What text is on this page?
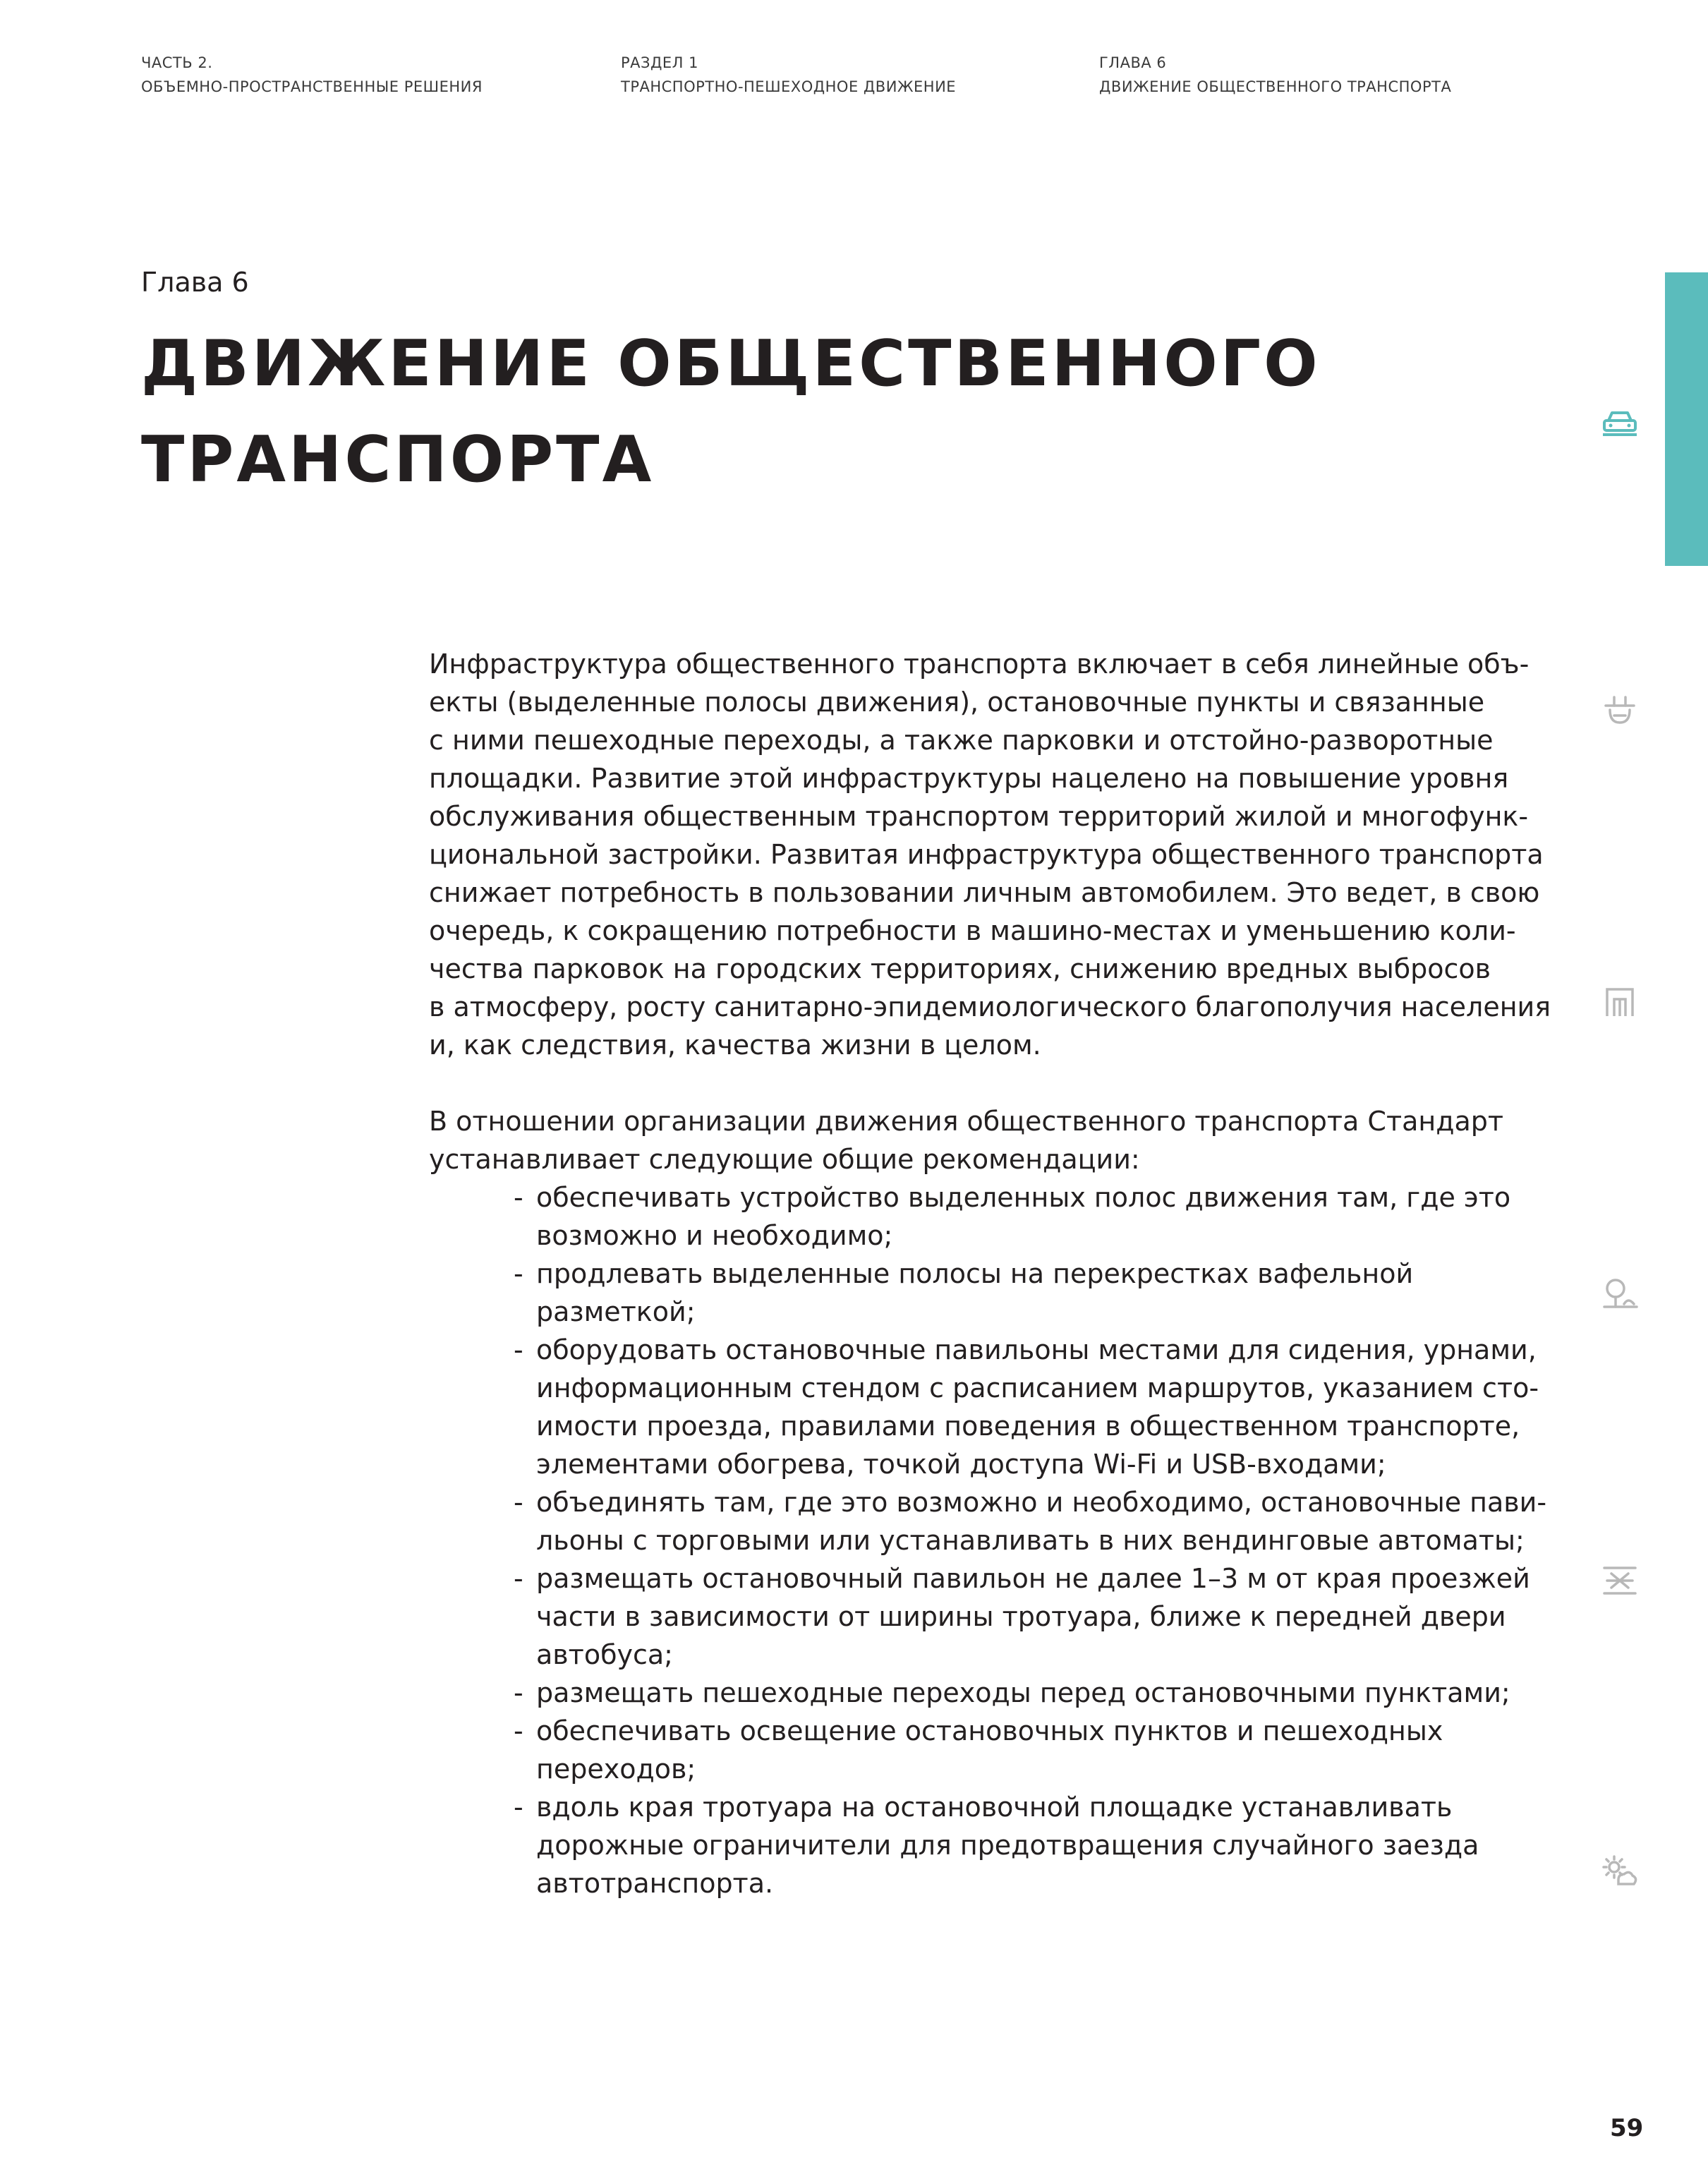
ЧАСТЬ 2.
ОБЪЕМНО-ПРОСТРАНСТВЕННЫЕ РЕШЕНИЯ
РАЗДЕЛ 1
ТРАНСПОРТНО-ПЕШЕХОДНОЕ ДВИЖЕНИЕ
ГЛАВА 6
ДВИЖЕНИЕ ОБЩЕСТВЕННОГО ТРАНСПОРТА
Глава 6
ДВИЖЕНИЕ ОБЩЕСТВЕННОГО
ТРАНСПОРТА

Инфраструктура общественного транспорта включает в себя линейные объ-
екты (выделенные полосы движения), остановочные пункты и связанные
с ними пешеходные переходы, а также парковки и отстойно-разворотные
площадки. Развитие этой инфраструктуры нацелено на повышение уровня
обслуживания общественным транспортом территорий жилой и многофунк-
циональной застройки. Развитая инфраструктура общественного транспорта
снижает потребность в пользовании личным автомобилем. Это ведет, в свою
очередь, к сокращению потребности в машино-местах и уменьшению коли-
чества парковок на городских территориях, снижению вредных выбросов
в атмосферу, росту санитарно-эпидемиологического благополучия населения
и, как следствия, качества жизни в целом.

В отношении организации движения общественного транспорта Стандарт
устанавливает следующие общие рекомендации:

- обеспечивать устройство выделенных полос движения там, где это
возможно и необходимо;
- продлевать выделенные полосы на перекрестках вафельной
разметкой;
- оборудовать остановочные павильоны местами для сидения, урнами,
информационным стендом с расписанием маршрутов, указанием сто-
имости проезда, правилами поведения в общественном транспорте,
элементами обогрева, точкой доступа Wi-Fi и USB-входами;
- объединять там, где это возможно и необходимо, остановочные пави-
льоны с торговыми или устанавливать в них вендинговые автоматы;
- размещать остановочный павильон не далее 1–3 м от края проезжей
части в зависимости от ширины тротуара, ближе к передней двери
автобуса;
- размещать пешеходные переходы перед остановочными пунктами;
- обеспечивать освещение остановочных пунктов и пешеходных
переходов;
- вдоль края тротуара на остановочной площадке устанавливать
дорожные ограничители для предотвращения случайного заезда
автотранспорта.
59
